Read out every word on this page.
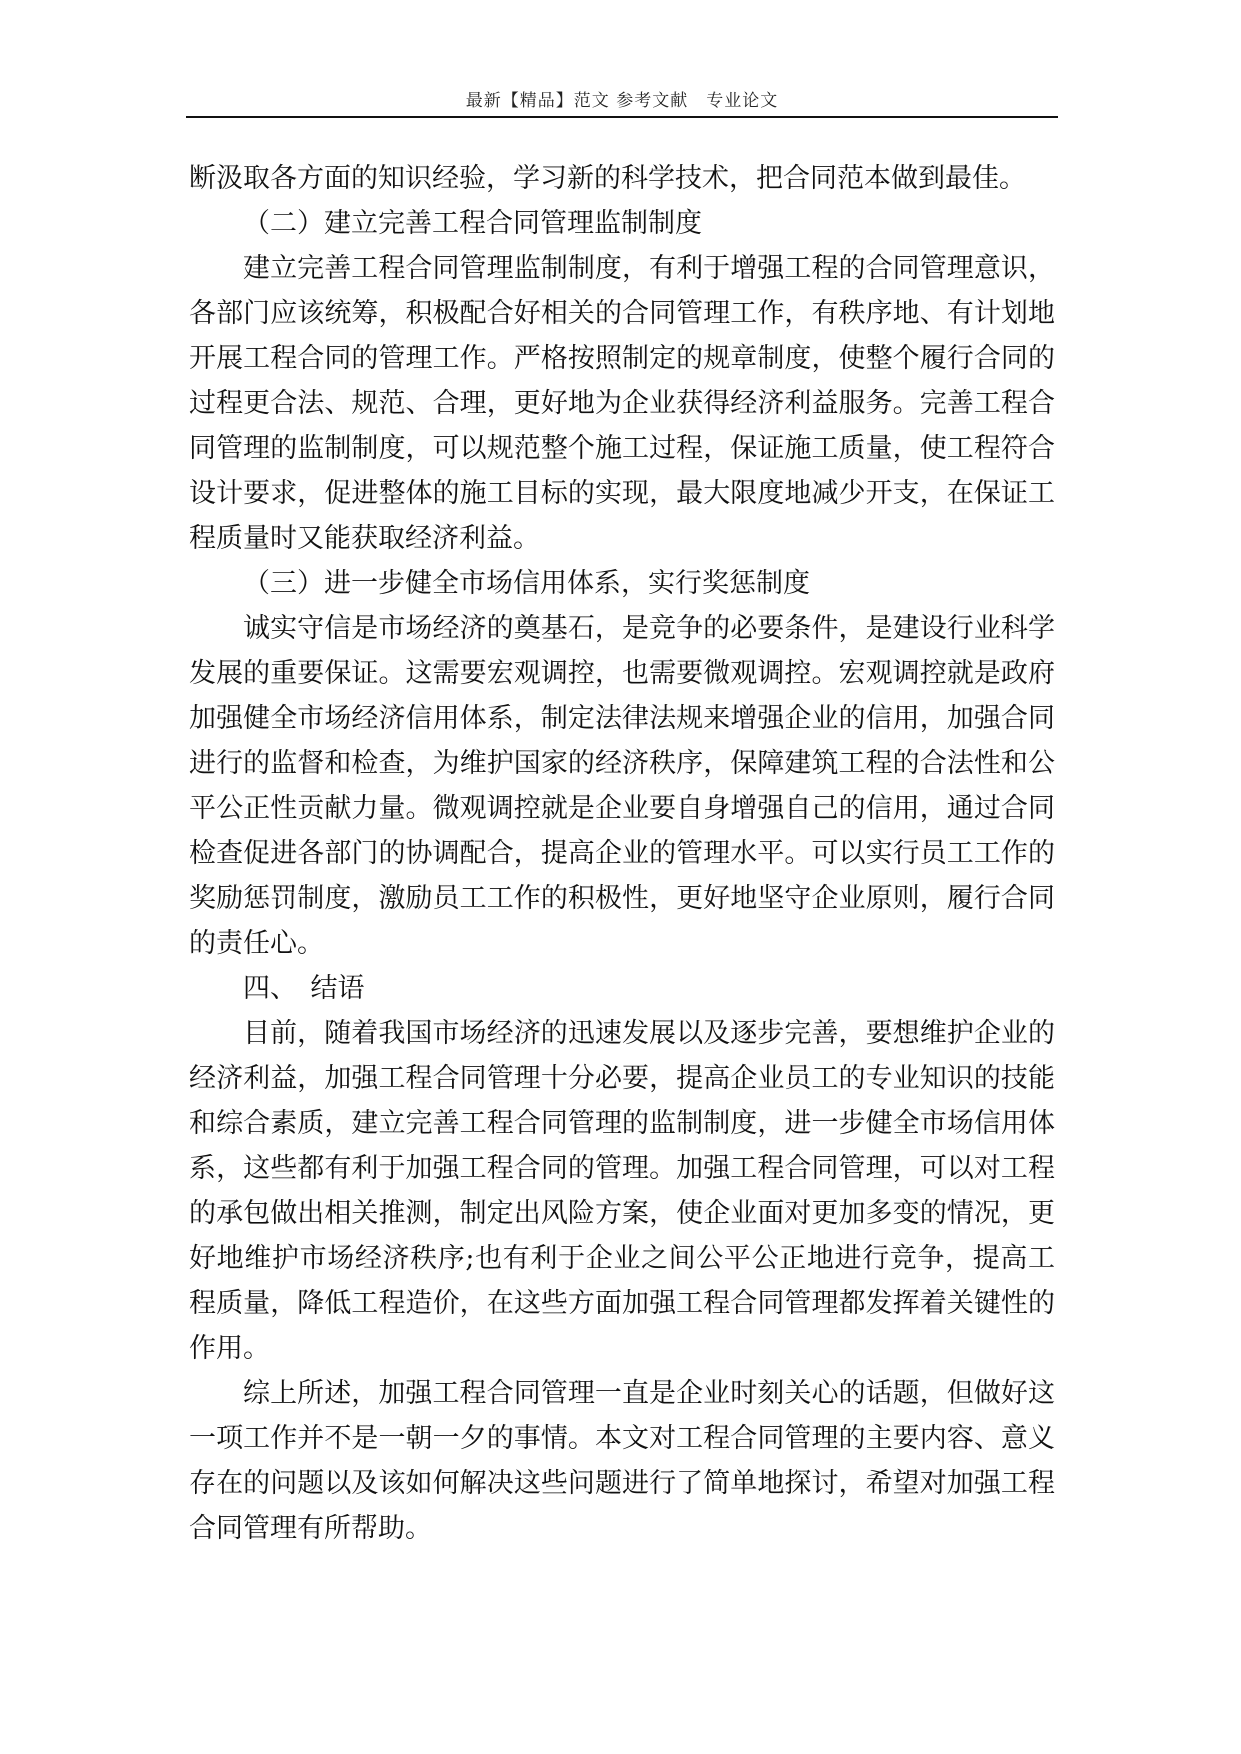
最新【精品】范文 参考文献　专业论文

断汲取各方面的知识经验，学习新的科学技术，把合同范本做到最佳。

（二）建立完善工程合同管理监制制度

建立完善工程合同管理监制制度，有利于增强工程的合同管理意识，各部门应该统筹，积极配合好相关的合同管理工作，有秩序地、有计划地开展工程合同的管理工作。严格按照制定的规章制度，使整个履行合同的过程更合法、规范、合理，更好地为企业获得经济利益服务。完善工程合同管理的监制制度，可以规范整个施工过程，保证施工质量，使工程符合设计要求，促进整体的施工目标的实现，最大限度地减少开支，在保证工程质量时又能获取经济利益。

（三）进一步健全市场信用体系，实行奖惩制度

诚实守信是市场经济的奠基石，是竞争的必要条件，是建设行业科学发展的重要保证。这需要宏观调控，也需要微观调控。宏观调控就是政府加强健全市场经济信用体系，制定法律法规来增强企业的信用，加强合同进行的监督和检查，为维护国家的经济秩序，保障建筑工程的合法性和公平公正性贡献力量。微观调控就是企业要自身增强自己的信用，通过合同检查促进各部门的协调配合，提高企业的管理水平。可以实行员工工作的奖励惩罚制度，激励员工工作的积极性，更好地坚守企业原则，履行合同的责任心。

四、　结语

目前，随着我国市场经济的迅速发展以及逐步完善，要想维护企业的经济利益，加强工程合同管理十分必要，提高企业员工的专业知识的技能和综合素质，建立完善工程合同管理的监制制度，进一步健全市场信用体系，这些都有利于加强工程合同的管理。加强工程合同管理，可以对工程的承包做出相关推测，制定出风险方案，使企业面对更加多变的情况，更好地维护市场经济秩序;也有利于企业之间公平公正地进行竞争，提高工程质量，降低工程造价，在这些方面加强工程合同管理都发挥着关键性的作用。

综上所述，加强工程合同管理一直是企业时刻关心的话题，但做好这一项工作并不是一朝一夕的事情。本文对工程合同管理的主要内容、意义存在的问题以及该如何解决这些问题进行了简单地探讨，希望对加强工程合同管理有所帮助。
